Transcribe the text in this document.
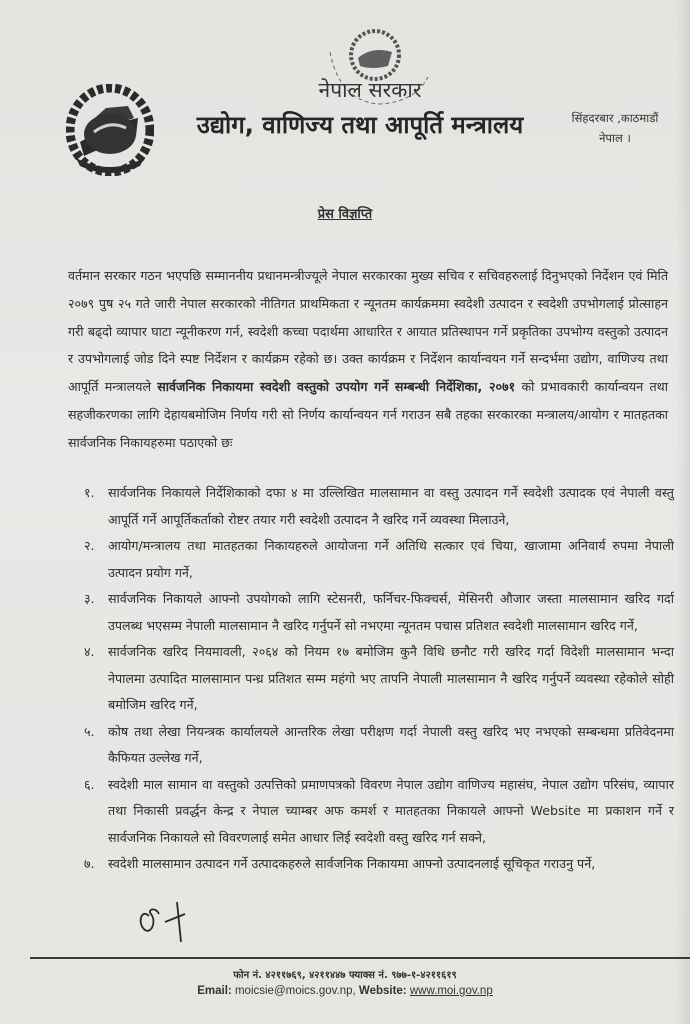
नेपाल सरकार
उद्योग, वाणिज्य तथा आपूर्ति मन्त्रालय	सिंहदरबार ,काठमाडौं
नेपाल ।
प्रेस विज्ञप्ति
वर्तमान सरकार गठन भएपछि सम्माननीय प्रधानमन्त्रीज्यूले नेपाल सरकारका मुख्य सचिव र सचिवहरुलाई दिनुभएको निर्देशन एवं मिति २०७९ पुष २५ गते जारी नेपाल सरकारको नीतिगत प्राथमिकता र न्यूनतम कार्यक्रममा स्वदेशी उत्पादन र स्वदेशी उपभोगलाई प्रोत्साहन गरी बढ्दो व्यापार घाटा न्यूनीकरण गर्न, स्वदेशी कच्चा पदार्थमा आधारित र आयात प्रतिस्थापन गर्ने प्रकृतिका उपभोग्य वस्तुको उत्पादन र उपभोगलाई जोड दिने स्पष्ट निर्देशन र कार्यक्रम रहेको छ। उक्त कार्यक्रम र निर्देशन कार्यान्वयन गर्ने सन्दर्भमा उद्योग, वाणिज्य तथा आपूर्ति मन्त्रालयले सार्वजनिक निकायमा स्वदेशी वस्तुको उपयोग गर्ने सम्बन्धी निर्देशिका, २०७१ को प्रभावकारी कार्यान्वयन तथा सहजीकरणका लागि देहायबमोजिम निर्णय गरी सो निर्णय कार्यान्वयन गर्न गराउन सबै तहका सरकारका मन्त्रालय/आयोग र मातहतका सार्वजनिक निकायहरुमा पठाएको छः
१. सार्वजनिक निकायले निर्देशिकाको दफा ४ मा उल्लिखित मालसामान वा वस्तु उत्पादन गर्ने स्वदेशी उत्पादक एवं नेपाली वस्तु आपूर्ति गर्ने आपूर्तिकर्ताको रोष्टर तयार गरी स्वदेशी उत्पादन नै खरिद गर्ने व्यवस्था मिलाउने,
२. आयोग/मन्त्रालय तथा मातहतका निकायहरुले आयोजना गर्ने अतिथि सत्कार एवं चिया, खाजामा अनिवार्य रुपमा नेपाली उत्पादन प्रयोग गर्ने,
३. सार्वजनिक निकायले आफ्नो उपयोगको लागि स्टेसनरी, फर्निचर-फिक्चर्स, मेसिनरी औजार जस्ता मालसामान खरिद गर्दा उपलब्ध भएसम्म नेपाली मालसामान नै खरिद गर्नुपर्ने सो नभएमा न्यूनतम पचास प्रतिशत स्वदेशी मालसामान खरिद गर्ने,
४. सार्वजनिक खरिद नियमावली, २०६४ को नियम १७ बमोजिम कुनै विधि छनौट गरी खरिद गर्दा विदेशी मालसामान भन्दा नेपालमा उत्पादित मालसामान पन्ध्र प्रतिशत सम्म महंगो भए तापनि नेपाली मालसामान नै खरिद गर्नुपर्ने व्यवस्था रहेकोले सोही बमोजिम खरिद गर्ने,
५. कोष तथा लेखा नियन्त्रक कार्यालयले आन्तरिक लेखा परीक्षण गर्दा नेपाली वस्तु खरिद भए नभएको सम्बन्धमा प्रतिवेदनमा कैफियत उल्लेख गर्ने,
६. स्वदेशी माल सामान वा वस्तुको उत्पत्तिको प्रमाणपत्रको विवरण नेपाल उद्योग वाणिज्य महासंघ, नेपाल उद्योग परिसंघ, व्यापार तथा निकासी प्रवर्द्धन केन्द्र र नेपाल च्याम्बर अफ कमर्श र मातहतका निकायले आफ्नो Website मा प्रकाशन गर्ने र सार्वजनिक निकायले सो विवरणलाई समेत आधार लिई स्वदेशी वस्तु खरिद गर्न सक्ने,
७. स्वदेशी मालसामान उत्पादन गर्ने उत्पादकहरुले सार्वजनिक निकायमा आफ्नो उत्पादनलाई सूचिकृत गराउनु पर्ने,
फोन नं. ४२११७६९, ४२११४४७ फ्याक्स नं. ९७७-१-४२११६१९
Email: moicsie@moics.gov.np, Website: www.moi.gov.np
